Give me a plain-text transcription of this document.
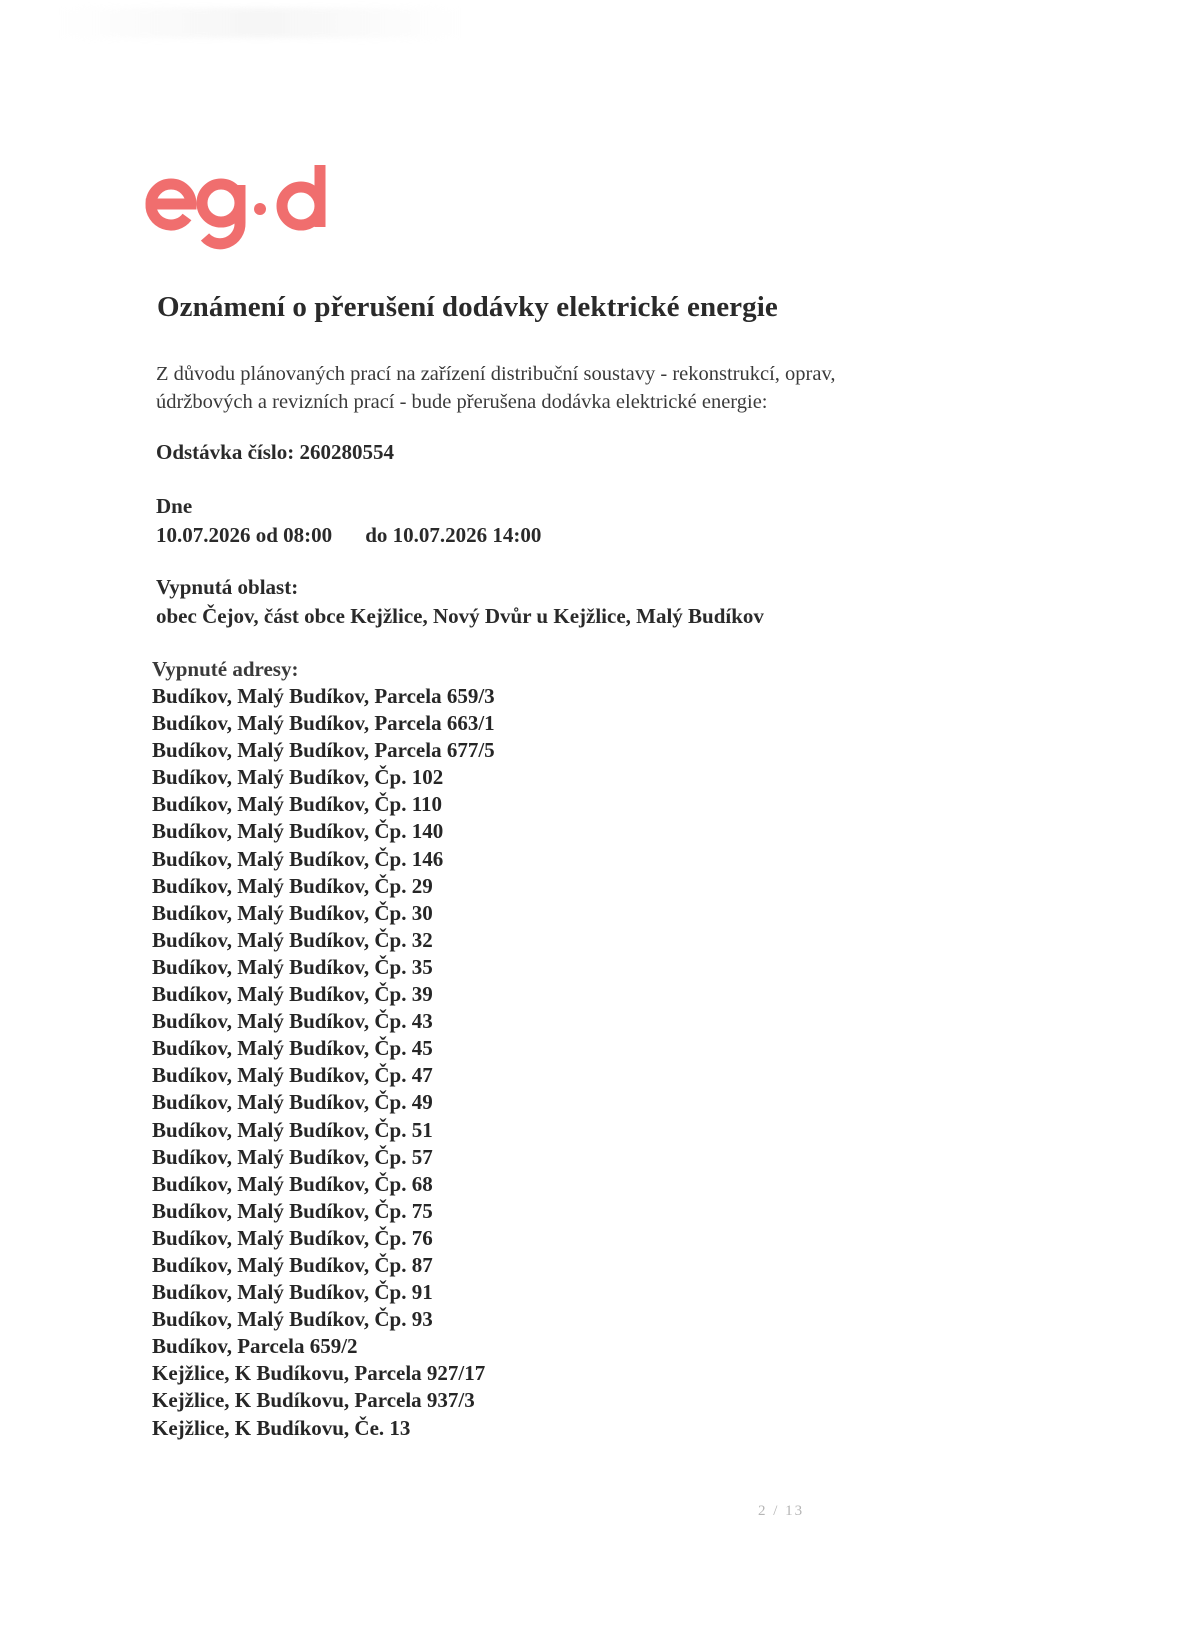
Oznámení o přerušení dodávky elektrické energie

Z důvodu plánovaných prací na zařízení distribuční soustavy - rekonstrukcí, oprav,
údržbových a revizních prací - bude přerušena dodávka elektrické energie:

Odstávka číslo: 260280554
Dne
10.07.2026 od 08:00 do 10.07.2026 14:00
Vypnutá oblast:
obec Čejov, část obce Kejžlice, Nový Dvůr u Kejžlice, Malý Budíkov
Vypnuté adresy:
Budíkov, Malý Budíkov, Parcela 659/3
Budíkov, Malý Budíkov, Parcela 663/1
Budíkov, Malý Budíkov, Parcela 677/5
Budíkov, Malý Budíkov, Čp. 102
Budíkov, Malý Budíkov, Čp. 110
Budíkov, Malý Budíkov, Čp. 140
Budíkov, Malý Budíkov, Čp. 146
Budíkov, Malý Budíkov, Čp. 29
Budíkov, Malý Budíkov, Čp. 30
Budíkov, Malý Budíkov, Čp. 32
Budíkov, Malý Budíkov, Čp. 35
Budíkov, Malý Budíkov, Čp. 39
Budíkov, Malý Budíkov, Čp. 43
Budíkov, Malý Budíkov, Čp. 45
Budíkov, Malý Budíkov, Čp. 47
Budíkov, Malý Budíkov, Čp. 49
Budíkov, Malý Budíkov, Čp. 51
Budíkov, Malý Budíkov, Čp. 57
Budíkov, Malý Budíkov, Čp. 68
Budíkov, Malý Budíkov, Čp. 75
Budíkov, Malý Budíkov, Čp. 76
Budíkov, Malý Budíkov, Čp. 87
Budíkov, Malý Budíkov, Čp. 91
Budíkov, Malý Budíkov, Čp. 93
Budíkov, Parcela 659/2
Kejžlice, K Budíkovu, Parcela 927/17
Kejžlice, K Budíkovu, Parcela 937/3
Kejžlice, K Budíkovu, Če. 13
2 / 13
